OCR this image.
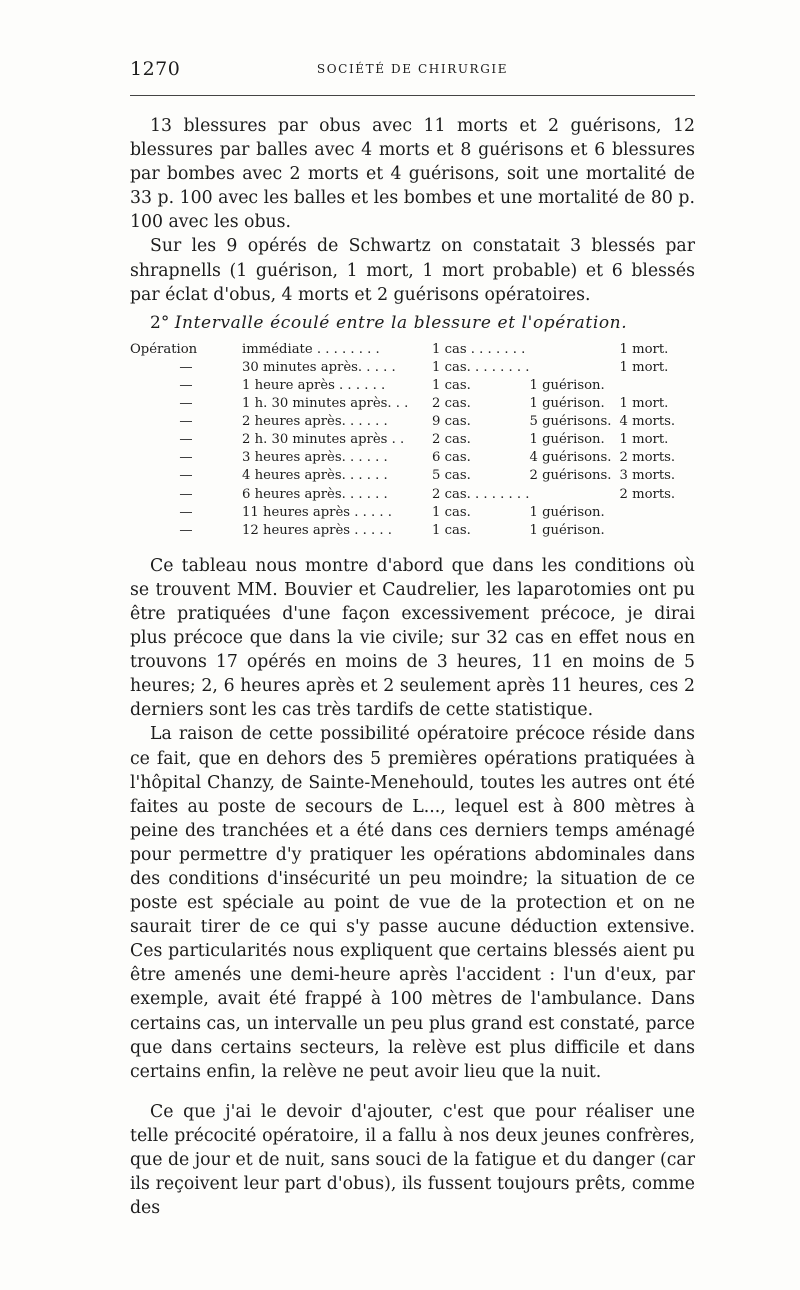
1270	SOCIÉTÉ DE CHIRURGIE

13 blessures par obus avec 11 morts et 2 guérisons, 12 blessures par balles avec 4 morts et 8 guérisons et 6 blessures par bombes avec 2 morts et 4 guérisons, soit une mortalité de 33 p. 100 avec les balles et les bombes et une mortalité de 80 p. 100 avec les obus.

Sur les 9 opérés de Schwartz on constatait 3 blessés par shrapnells (1 guérison, 1 mort, 1 mort probable) et 6 blessés par éclat d'obus, 4 morts et 2 guérisons opératoires.

2° Intervalle écoulé entre la blessure et l'opération.

Opération	immédiate . . . . . . . .	1 cas . . . . . . .		1 mort.
—	30 minutes après. . . . .	1 cas. . . . . . . .		1 mort.
—	1 heure après . . . . . .	1 cas.	1 guérison.	
—	1 h. 30 minutes après. . .	2 cas.	1 guérison.	1 mort.
—	2 heures après. . . . . .	9 cas.	5 guérisons.	4 morts.
—	2 h. 30 minutes après . .	2 cas.	1 guérison.	1 mort.
—	3 heures après. . . . . .	6 cas.	4 guérisons.	2 morts.
—	4 heures après. . . . . .	5 cas.	2 guérisons.	3 morts.
—	6 heures après. . . . . .	2 cas. . . . . . . .		2 morts.
—	11 heures après . . . . .	1 cas.	1 guérison.	
—	12 heures après . . . . .	1 cas.	1 guérison.	

Ce tableau nous montre d'abord que dans les conditions où se trouvent MM. Bouvier et Caudrelier, les laparotomies ont pu être pratiquées d'une façon excessivement précoce, je dirai plus précoce que dans la vie civile; sur 32 cas en effet nous en trouvons 17 opérés en moins de 3 heures, 11 en moins de 5 heures; 2, 6 heures après et 2 seulement après 11 heures, ces 2 derniers sont les cas très tardifs de cette statistique.

La raison de cette possibilité opératoire précoce réside dans ce fait, que en dehors des 5 premières opérations pratiquées à l'hôpital Chanzy, de Sainte-Menehould, toutes les autres ont été faites au poste de secours de L..., lequel est à 800 mètres à peine des tranchées et a été dans ces derniers temps aménagé pour permettre d'y pratiquer les opérations abdominales dans des conditions d'insécurité un peu moindre; la situation de ce poste est spéciale au point de vue de la protection et on ne saurait tirer de ce qui s'y passe aucune déduction extensive. Ces particularités nous expliquent que certains blessés aient pu être amenés une demi-heure après l'accident : l'un d'eux, par exemple, avait été frappé à 100 mètres de l'ambulance. Dans certains cas, un intervalle un peu plus grand est constaté, parce que dans certains secteurs, la relève est plus difficile et dans certains enfin, la relève ne peut avoir lieu que la nuit.

Ce que j'ai le devoir d'ajouter, c'est que pour réaliser une telle précocité opératoire, il a fallu à nos deux jeunes confrères, que de jour et de nuit, sans souci de la fatigue et du danger (car ils reçoivent leur part d'obus), ils fussent toujours prêts, comme des
